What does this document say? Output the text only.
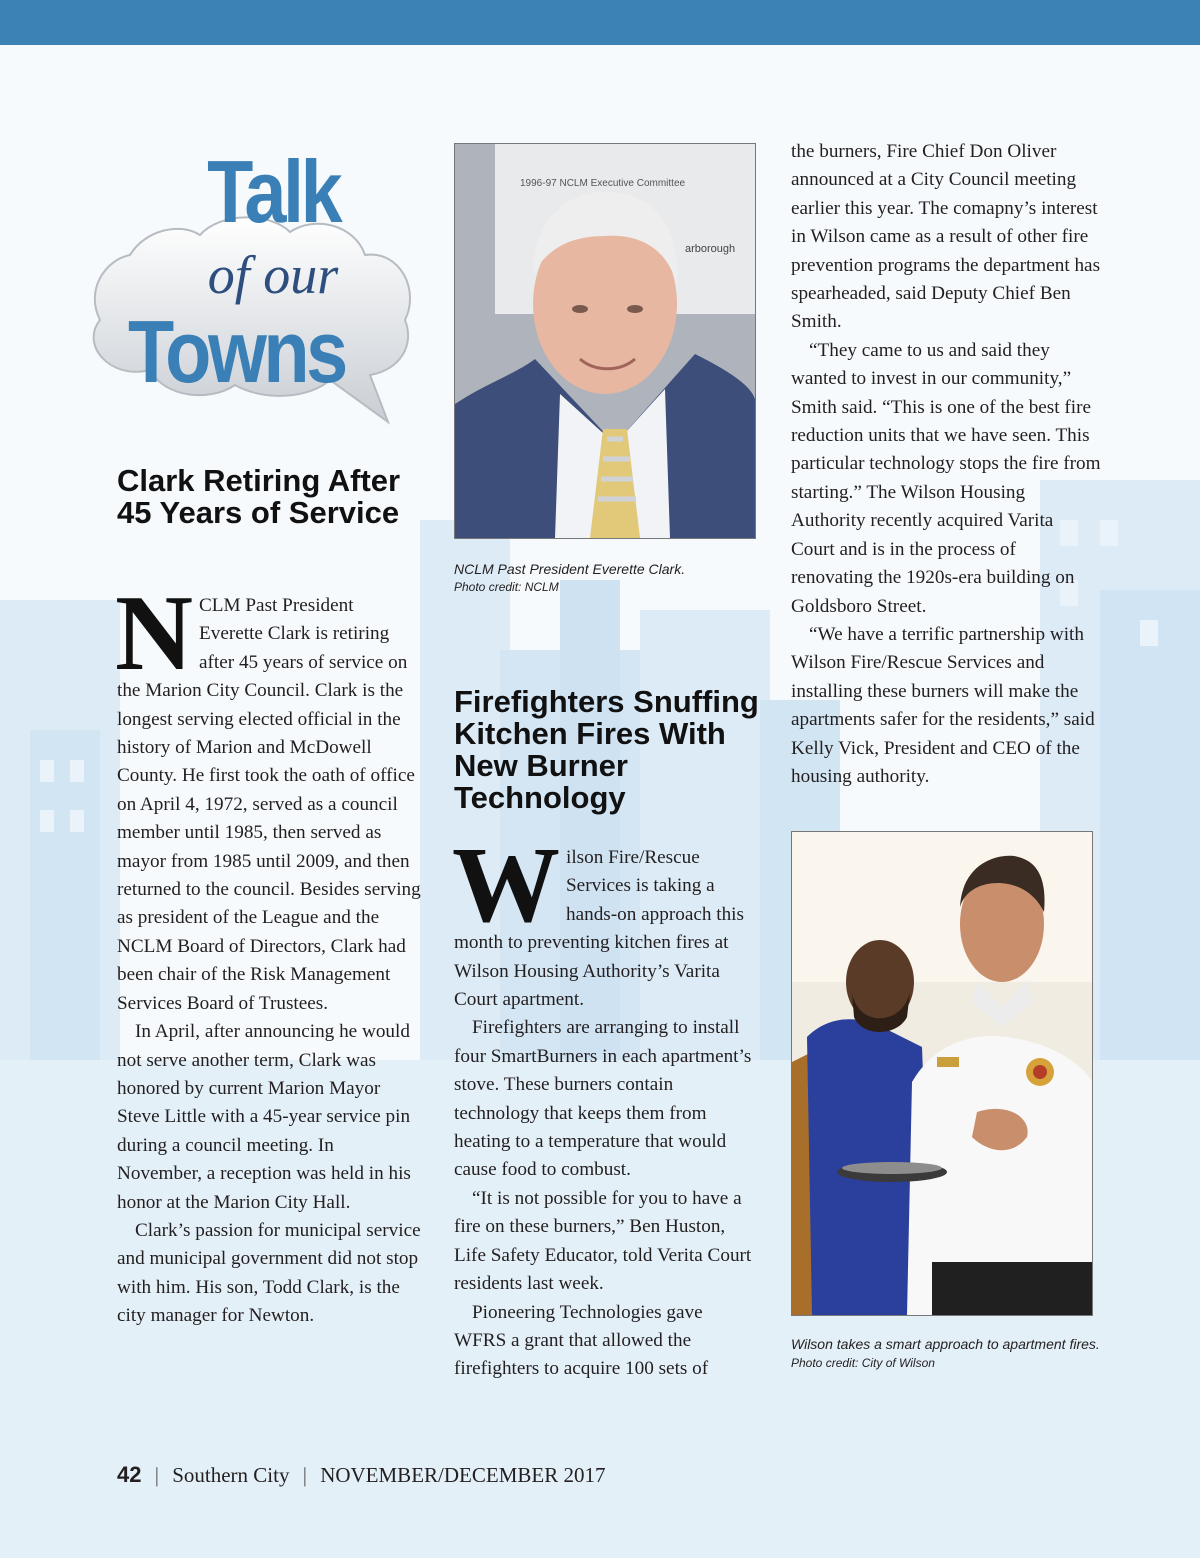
Talk
of our
Towns
Clark Retiring After 45 Years of Service

NCLM Past President Everette Clark is retiring after 45 years of service on the Marion City Council. Clark is the longest serving elected official in the history of Marion and McDowell County. He first took the oath of office on April 4, 1972, served as a council member until 1985, then served as mayor from 1985 until 2009, and then returned to the council. Besides serving as president of the League and the NCLM Board of Directors, Clark had been chair of the Risk Management Services Board of Trustees.

In April, after announcing he would not serve another term, Clark was honored by current Marion Mayor Steve Little with a 45-year service pin during a council meeting. In November, a reception was held in his honor at the Marion City Hall.

Clark’s passion for municipal service and municipal government did not stop with him. His son, Todd Clark, is the city manager for Newton.

1996-97 NCLM Executive Committee
arborough
NCLM Past President Everette Clark.
Photo credit: NCLM
Firefighters Snuffing Kitchen Fires With New Burner Technology

Wilson Fire/Rescue Services is taking a hands-on approach this month to preventing kitchen fires at Wilson Housing Authority’s Varita Court apartment.

Firefighters are arranging to install four SmartBurners in each apartment’s stove. These burners contain technology that keeps them from heating to a temperature that would cause food to combust.

“It is not possible for you to have a fire on these burners,” Ben Huston, Life Safety Educator, told Verita Court residents last week.

Pioneering Technologies gave WFRS a grant that allowed the firefighters to acquire 100 sets of

the burners, Fire Chief Don Oliver announced at a City Council meeting earlier this year. The comapny’s interest in Wilson came as a result of other fire prevention programs the department has spearheaded, said Deputy Chief Ben Smith.

“They came to us and said they wanted to invest in our community,” Smith said. “This is one of the best fire reduction units that we have seen. This particular technology stops the fire from starting.” The Wilson Housing Authority recently acquired Varita Court and is in the process of renovating the 1920s-era building on Goldsboro Street.

“We have a terrific partnership with Wilson Fire/Rescue Services and installing these burners will make the apartments safer for the residents,” said Kelly Vick, President and CEO of the housing authority.

Wilson takes a smart approach to apartment fires. Photo credit: City of Wilson
42 | Southern City | NOVEMBER/DECEMBER 2017
